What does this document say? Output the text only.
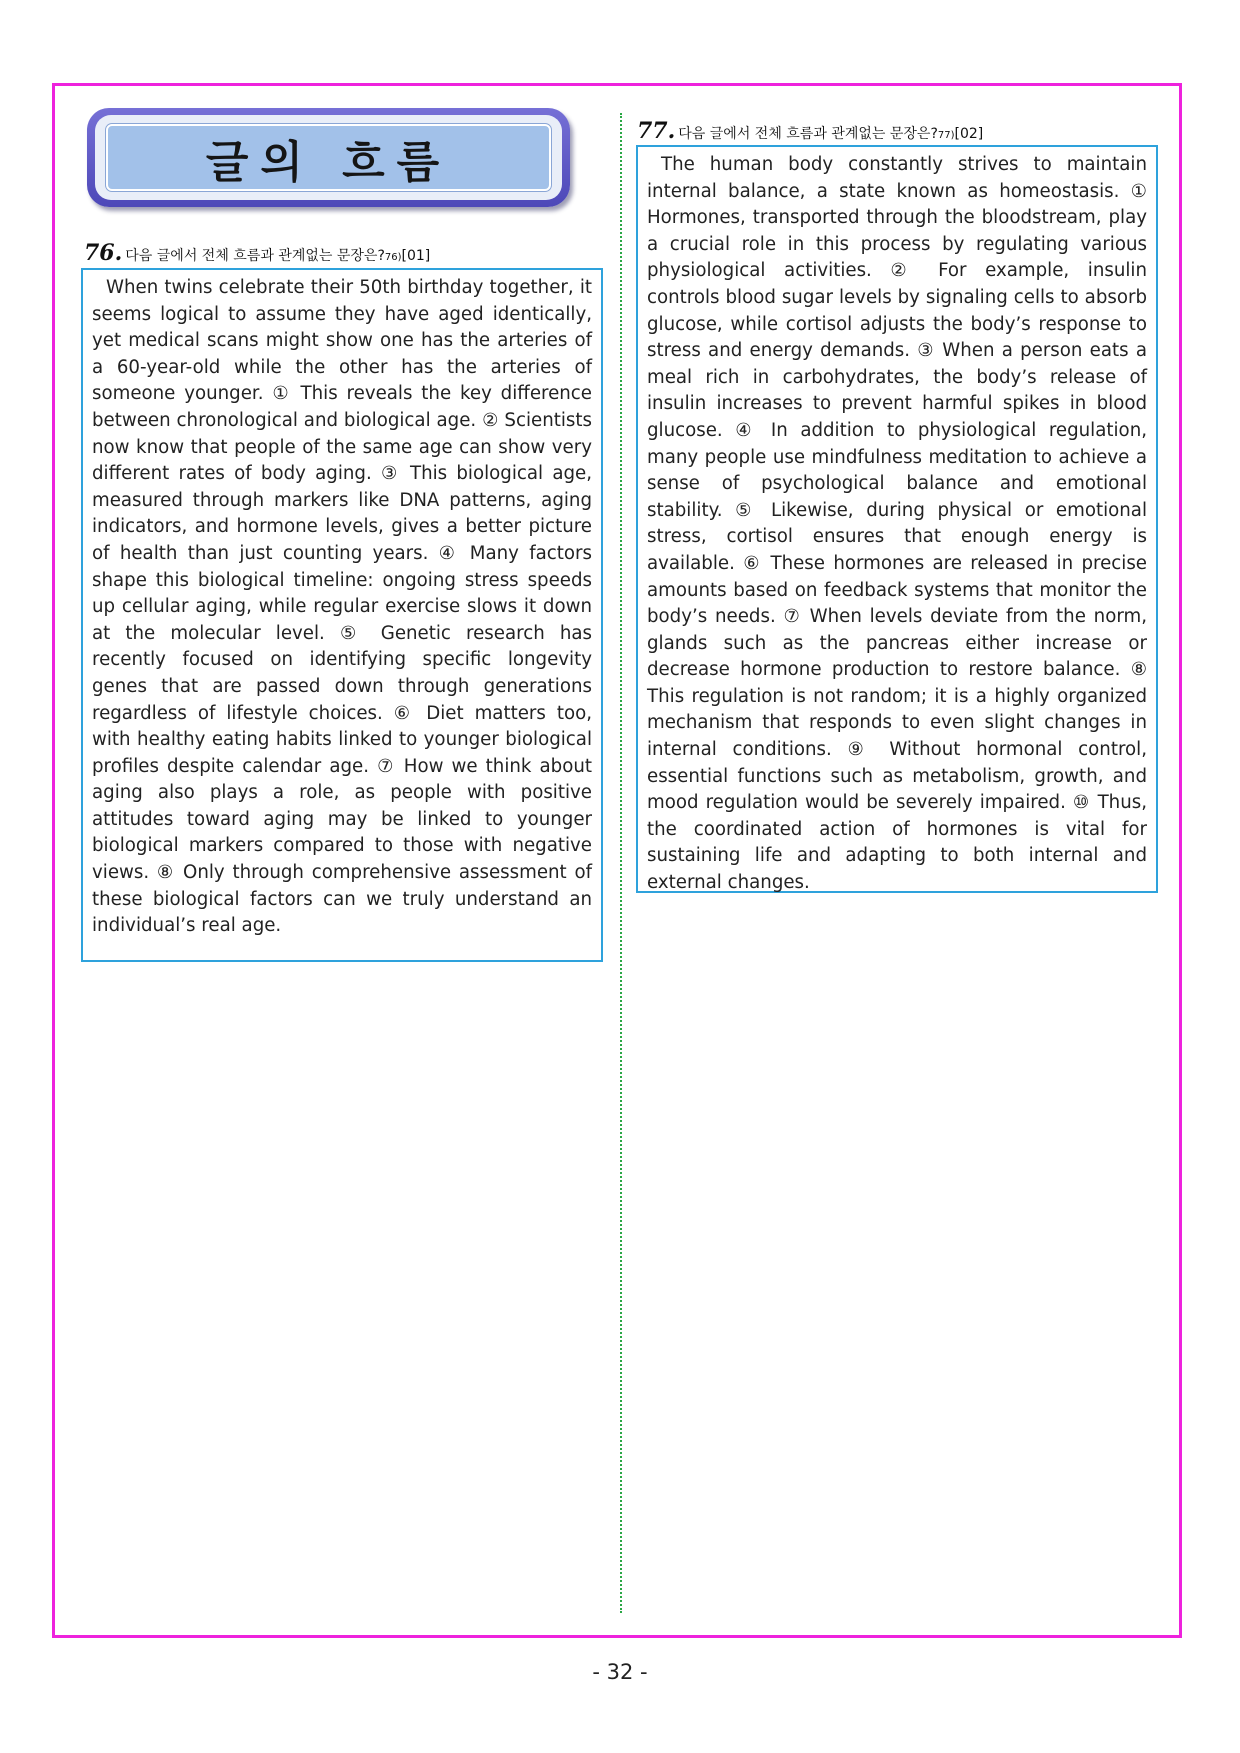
글의 흐름
76. 다음 글에서 전체 흐름과 관계없는 문장은? 76) [01]
When twins celebrate their 50th birthday together, it seems logical to assume they have aged identically, yet medical scans might show one has the arteries of a 60-year-old while the other has the arteries of someone younger. ① This reveals the key difference between chronological and biological age. ② Scientists now know that people of the same age can show very different rates of body aging. ③ This biological age, measured through markers like DNA patterns, aging indicators, and hormone levels, gives a better picture of health than just counting years. ④ Many factors shape this biological timeline: ongoing stress speeds up cellular aging, while regular exercise slows it down at the molecular level. ⑤ Genetic research has recently focused on identifying specific longevity genes that are passed down through generations regardless of lifestyle choices. ⑥ Diet matters too, with healthy eating habits linked to younger biological profiles despite calendar age. ⑦ How we think about aging also plays a role, as people with positive attitudes toward aging may be linked to younger biological markers compared to those with negative views. ⑧ Only through comprehensive assessment of these biological factors can we truly understand an individual’s real age.
77. 다음 글에서 전체 흐름과 관계없는 문장은? 77) [02]
The human body constantly strives to maintain internal balance, a state known as homeostasis. ① Hormones, transported through the bloodstream, play a crucial role in this process by regulating various physiological activities. ② For example, insulin controls blood sugar levels by signaling cells to absorb glucose, while cortisol adjusts the body’s response to stress and energy demands. ③ When a person eats a meal rich in carbohydrates, the body’s release of insulin increases to prevent harmful spikes in blood glucose. ④ In addition to physiological regulation, many people use mindfulness meditation to achieve a sense of psychological balance and emotional stability. ⑤ Likewise, during physical or emotional stress, cortisol ensures that enough energy is available. ⑥ These hormones are released in precise amounts based on feedback systems that monitor the body’s needs. ⑦ When levels deviate from the norm, glands such as the pancreas either increase or decrease hormone production to restore balance. ⑧ This regulation is not random; it is a highly organized mechanism that responds to even slight changes in internal conditions. ⑨ Without hormonal control, essential functions such as metabolism, growth, and mood regulation would be severely impaired. ⑩ Thus, the coordinated action of hormones is vital for sustaining life and adapting to both internal and external changes.
- 32 -
